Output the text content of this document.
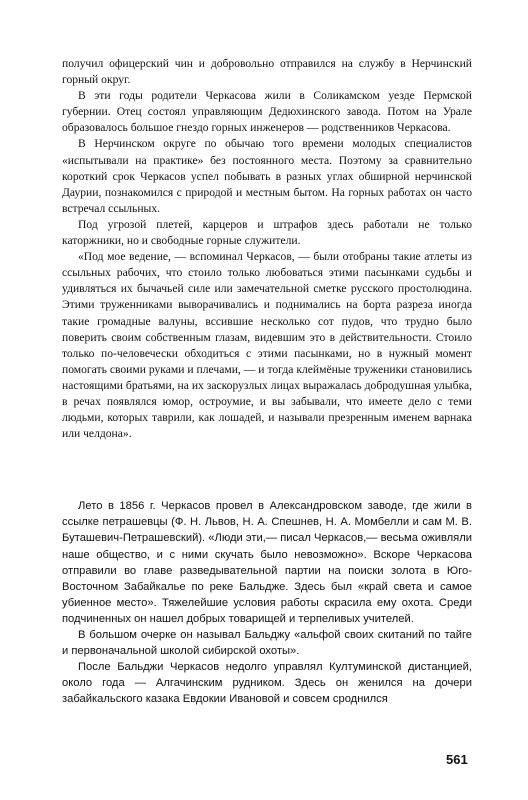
получил офицерский чин и добровольно отправился на службу в Нерчинский горный округ.

В эти годы родители Черкасова жили в Соликамском уезде Пермской губернии. Отец состоял управляющим Дедюхинского завода. Потом на Урале образовалось большое гнездо горных инженеров — родственников Черкасова.

В Нерчинском округе по обычаю того времени молодых специалистов «испытывали на практике» без постоянного места. Поэтому за сравнительно короткий срок Черкасов успел побывать в разных углах обширной нерчинской Даурии, познакомился с природой и местным бытом. На горных работах он часто встречал ссыльных.

Под угрозой плетей, карцеров и штрафов здесь работали не только каторжники, но и свободные горные служители.

«Под мое ведение, — вспоминал Черкасов, — были отобраны такие атлеты из ссыльных рабочих, что стоило только любоваться этими пасынками судьбы и удивляться их бычачьей силе или замечательной сметке русского простолюдина. Этими труженниками выворачивались и поднимались на борта разреза иногда такие громадные валуны, вссившие несколько сот пудов, что трудно было поверить своим собственным глазам, видевшим это в действительности. Стоило только по-человечески обходиться с этими пасынками, но в нужный момент помогать своими руками и плечами, — и тогда клеймёные труженики становились настоящими братьями, на их заскорузлых лицах выражалась добродушная улыбка, в речах появлялся юмор, остроумие, и вы забывали, что имеете дело с теми людьми, которых таврили, как лошадей, и называли презренным именем варнака или челдона».

Лето в 1856 г. Черкасов провел в Александровском заводе, где жили в ссылке петрашевцы (Ф. Н. Львов, Н. А. Спешнев, Н. А. Момбелли и сам М. В. Буташевич-Петрашевский). «Люди эти,— писал Черкасов,— весьма оживляли наше общество, и с ними скучать было невозможно». Вскоре Черкасова отправили во главе разведывательной партии на поиски золота в Юго-Восточном Забайкалье по реке Бальдже. Здесь был «край света и самое убиенное место». Тяжелейшие условия работы скрасила ему охота. Среди подчиненных он нашел добрых товарищей и терпеливых учителей.

В большом очерке он называл Бальджу «альфой своих скитаний по тайге и первоначальной школой сибирской охоты».

После Бальджи Черкасов недолго управлял Култуминской дистанцией, около года — Алгачинским рудником. Здесь он женился на дочери забайкальского казака Евдокии Ивановой и совсем сроднился

561
